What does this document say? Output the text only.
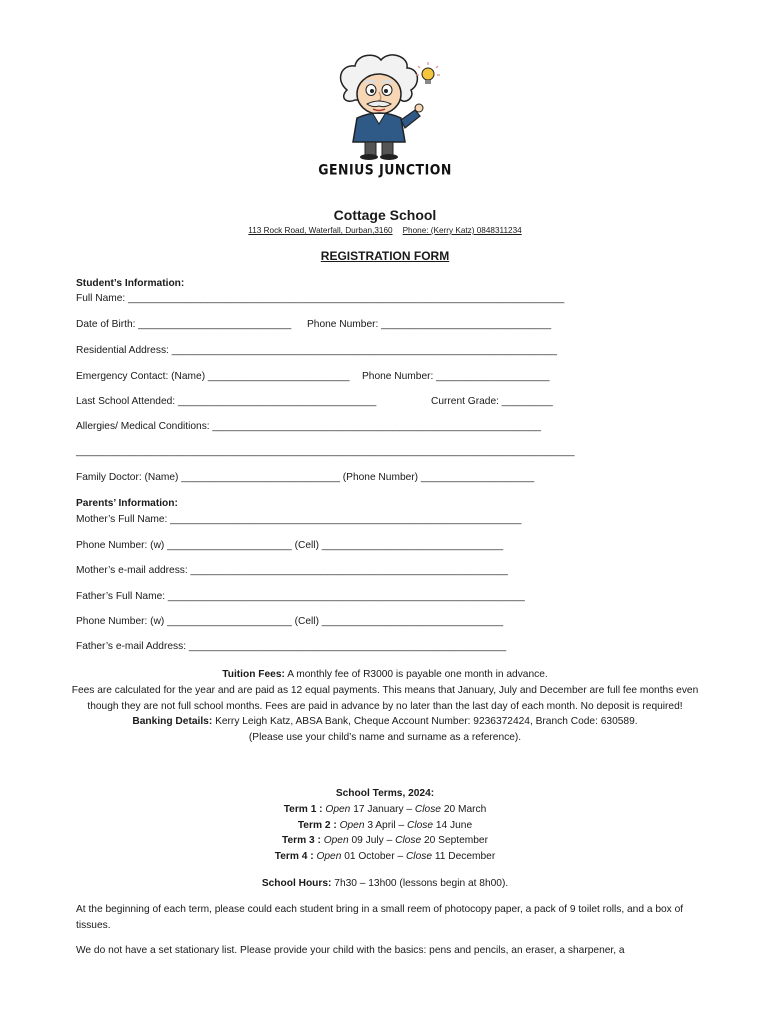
GENIUS JUNCTION
Cottage School
113 Rock Road, Waterfall, Durban,3160 Phone: (Kerry Katz) 0848311234
REGISTRATION FORM
Student’s Information:
Full Name: _____________________________________________________________________________
Date of Birth: ___________________________ Phone Number: ______________________________
Residential Address: ____________________________________________________________________
Emergency Contact: (Name) _________________________ Phone Number: ____________________
Last School Attended: ___________________________________	Current Grade: _________
Allergies/ Medical Conditions: __________________________________________________________
________________________________________________________________________________________
Family Doctor: (Name) ____________________________ (Phone Number) ____________________
Parents’ Information:
Mother’s Full Name: ______________________________________________________________
Phone Number: (w) ______________________ (Cell) ________________________________
Mother’s e-mail address: ________________________________________________________
Father’s Full Name: _______________________________________________________________
Phone Number: (w) ______________________ (Cell) ________________________________
Father’s e-mail Address: ________________________________________________________
Tuition Fees: A monthly fee of R3000 is payable one month in advance.
Fees are calculated for the year and are paid as 12 equal payments. This means that January, July and December are full fee months even though they are not full school months. Fees are paid in advance by no later than the last day of each month. No deposit is required!
Banking Details: Kerry Leigh Katz, ABSA Bank, Cheque Account Number: 9236372424, Branch Code: 630589.
(Please use your child’s name and surname as a reference).
School Terms, 2024:
Term 1 : Open 17 January – Close 20 March
Term 2 : Open 3 April – Close 14 June
Term 3 : Open 09 July – Close 20 September
Term 4 : Open 01 October – Close 11 December
School Hours: 7h30 – 13h00 (lessons begin at 8h00).
At the beginning of each term, please could each student bring in a small reem of photocopy paper, a pack of 9 toilet rolls, and a box of tissues.
We do not have a set stationary list. Please provide your child with the basics: pens and pencils, an eraser, a sharpener, a
